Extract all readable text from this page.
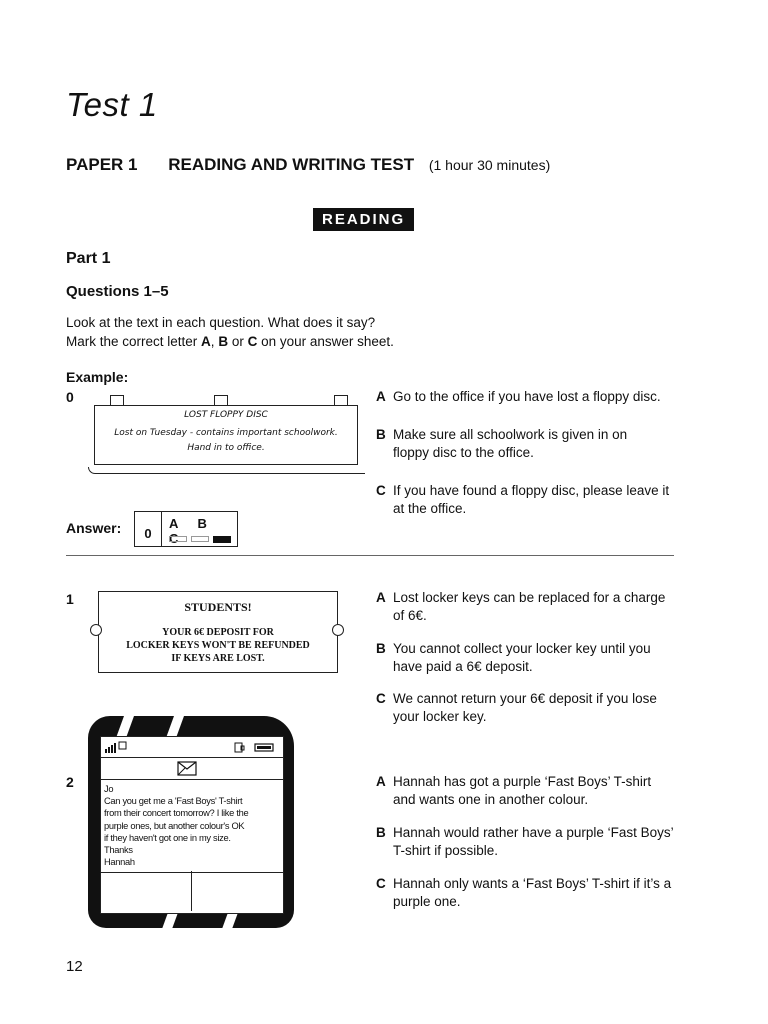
Test 1
PAPER 1 READING AND WRITING TEST (1 hour 30 minutes)
READING
Part 1
Questions 1–5
Look at the text in each question. What does it say?
Mark the correct letter A, B or C on your answer sheet.
Example:
0
LOST FLOPPY DISC
Lost on Tuesday - contains important schoolwork.
Hand in to office.
A Go to the office if you have lost a floppy disc.
B Make sure all schoolwork is given in on floppy disc to the office.
C If you have found a floppy disc, please leave it at the office.
Answer:	0
A B C
1	STUDENTS!
YOUR 6€ DEPOSIT FOR
LOCKER KEYS WON'T BE REFUNDED
IF KEYS ARE LOST.
A Lost locker keys can be replaced for a charge of 6€.
B You cannot collect your locker key until you have paid a 6€ deposit.
C We cannot return your 6€ deposit if you lose your locker key.
2	Jo
Can you get me a 'Fast Boys' T-shirt
from their concert tomorrow? I like the
purple ones, but another colour's OK
if they haven't got one in my size.
Thanks
Hannah
A Hannah has got a purple ‘Fast Boys’ T-shirt and wants one in another colour.
B Hannah would rather have a purple ‘Fast Boys’ T-shirt if possible.
C Hannah only wants a ‘Fast Boys’ T-shirt if it’s a purple one.
12
